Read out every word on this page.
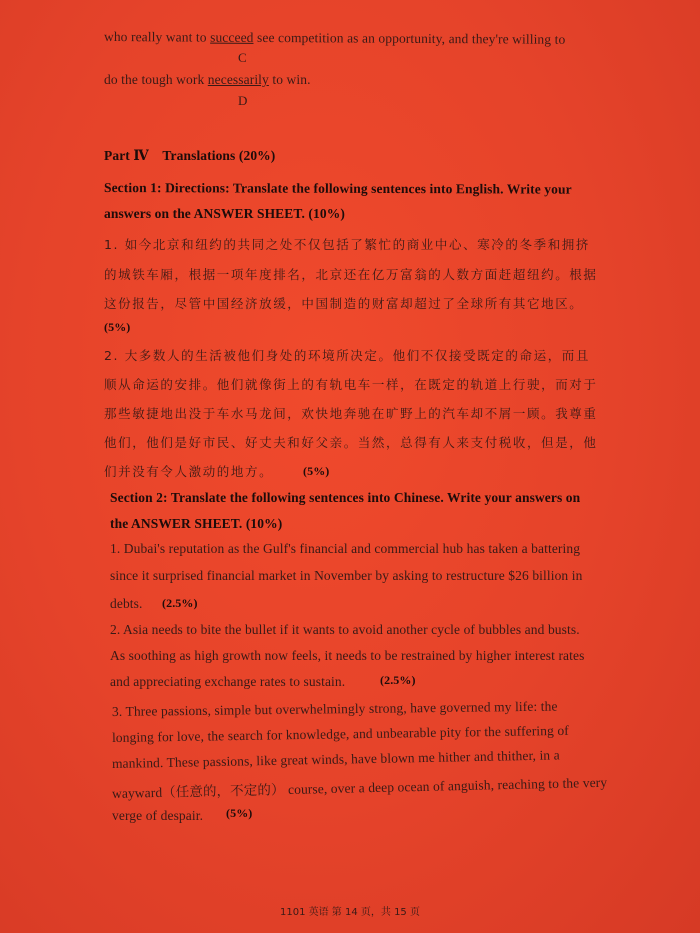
who really want to succeed see competition as an opportunity, and they're willing to
C
do the tough work necessarily to win.
D
Part Ⅳ    Translations (20%)
Section 1: Directions: Translate the following sentences into English. Write your
answers on the ANSWER SHEET. (10%)
1. 如今北京和纽约的共同之处不仅包括了繁忙的商业中心、寒冷的冬季和拥挤
的城铁车厢，根据一项年度排名，北京还在亿万富翁的人数方面赶超纽约。根据
这份报告，尽管中国经济放缓，中国制造的财富却超过了全球所有其它地区。
(5%)
2. 大多数人的生活被他们身处的环境所决定。他们不仅接受既定的命运，而且
顺从命运的安排。他们就像街上的有轨电车一样，在既定的轨道上行驶，而对于
那些敏捷地出没于车水马龙间，欢快地奔驰在旷野上的汽车却不屑一顾。我尊重
他们，他们是好市民、好丈夫和好父亲。当然，总得有人来支付税收，但是，他
们并没有令人激动的地方。 (5%)
Section 2: Translate the following sentences into Chinese. Write your answers on
the ANSWER SHEET. (10%)
1. Dubai's reputation as the Gulf's financial and commercial hub has taken a battering
since it surprised financial market in November by asking to restructure $26 billion in
debts. (2.5%)
2. Asia needs to bite the bullet if it wants to avoid another cycle of bubbles and busts.
As soothing as high growth now feels, it needs to be restrained by higher interest rates
and appreciating exchange rates to sustain.	(2.5%)
3. Three passions, simple but overwhelmingly strong, have governed my life: the
longing for love, the search for knowledge, and unbearable pity for the suffering of
mankind. These passions, like great winds, have blown me hither and thither, in a
wayward（任意的，不定的） course, over a deep ocean of anguish, reaching to the very
verge of despair. (5%)
1101 英语 第 14 页，共 15 页
